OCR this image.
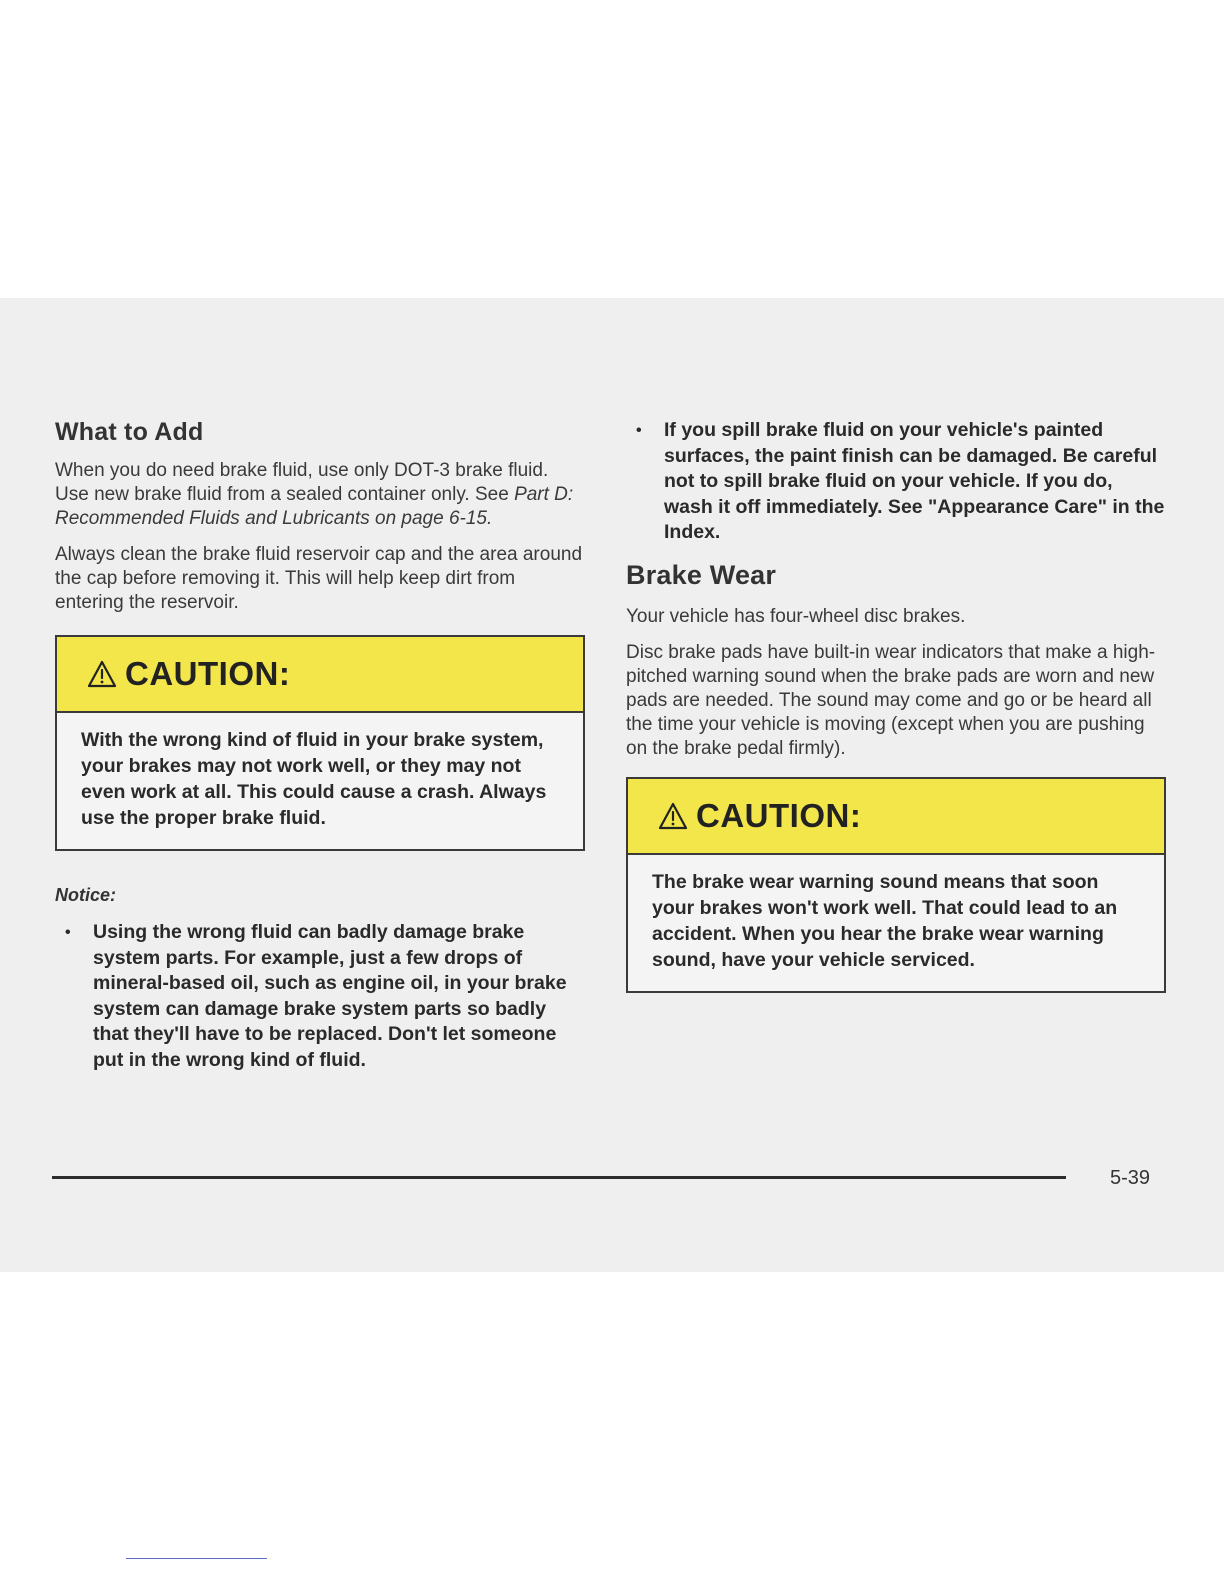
What to Add

When you do need brake fluid, use only DOT-3 brake fluid. Use new brake fluid from a sealed container only. See Part D: Recommended Fluids and Lubricants on page 6-15.

Always clean the brake fluid reservoir cap and the area around the cap before removing it. This will help keep dirt from entering the reservoir.

CAUTION:
With the wrong kind of fluid in your brake system, your brakes may not work well, or they may not even work at all. This could cause a crash. Always use the proper brake fluid.
Notice:
• Using the wrong fluid can badly damage brake system parts. For example, just a few drops of mineral-based oil, such as engine oil, in your brake system can damage brake system parts so badly that they'll have to be replaced. Don't let someone put in the wrong kind of fluid.
• If you spill brake fluid on your vehicle's painted surfaces, the paint finish can be damaged. Be careful not to spill brake fluid on your vehicle. If you do, wash it off immediately. See "Appearance Care" in the Index.
Brake Wear

Your vehicle has four-wheel disc brakes.

Disc brake pads have built-in wear indicators that make a high-pitched warning sound when the brake pads are worn and new pads are needed. The sound may come and go or be heard all the time your vehicle is moving (except when you are pushing on the brake pedal firmly).

CAUTION:
The brake wear warning sound means that soon your brakes won't work well. That could lead to an accident. When you hear the brake wear warning sound, have your vehicle serviced.
5-39
